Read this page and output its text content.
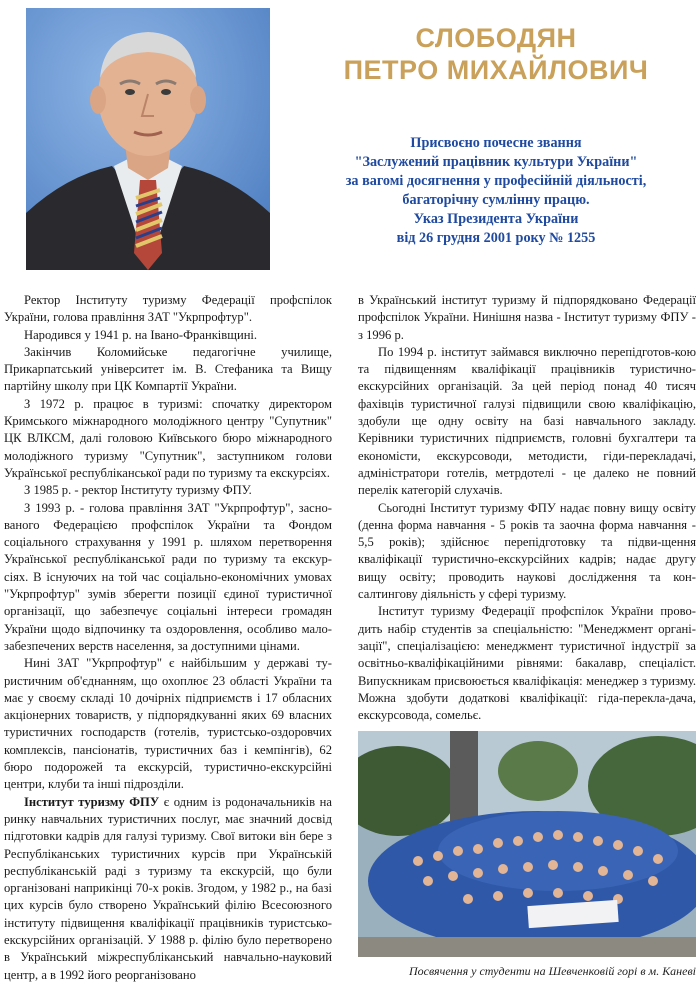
СЛОБОДЯН
ПЕТРО МИХАЙЛОВИЧ
Присвоєно почесне звання
"Заслужений працівник культури України"
за вагомі досягнення у професійній діяльності,
багаторічну сумлінну працю.
Указ Президента України
від 26 грудня 2001 року № 1255

Ректор Інституту туризму Федерації профспілок України, голова правління ЗАТ "Укрпрофтур".

Народився у 1941 р. на Івано-Франківщині.

Закінчив Коломийське педагогічне училище, Прикарпатський університет ім. В. Стефаника та Вищу партійну школу при ЦК Компартії України.

З 1972 р. працює в туризмі: спочатку директором Кримського міжнародного молодіжного центру "Супутник" ЦК ВЛКСМ, далі головою Київського бюро міжнародного молодіжного туризму "Супутник", заступником голови Української республіканської ради по туризму та екскурсіях.

З 1985 р. - ректор Інституту туризму ФПУ.

З 1993 р. - голова правління ЗАТ "Укрпрофтур", засно-ваного Федерацією профспілок України та Фондом соціального страхування у 1991 р. шляхом перетворення Української республіканської ради по туризму та екскур-сіях. В існуючих на той час соціально-економічних умовах "Укрпрофтур" зумів зберегти позиції єдиної туристичної організації, що забезпечує соціальні інтереси громадян України щодо відпочинку та оздоровлення, особливо мало-забезпечених верств населення, за доступними цінами.

Нині ЗАТ "Укрпрофтур" є найбільшим у державі ту-ристичним об'єднанням, що охоплює 23 області України та має у своєму складі 10 дочірніх підприємств і 17 обласних акціонерних товариств, у підпорядкуванні яких 69 власних туристичних господарств (готелів, туристсько-оздоровчих комплексів, пансіонатів, туристичних баз і кемпінгів), 62 бюро подорожей та екскурсій, туристично-екскурсійні центри, клуби та інші підрозділи.

Інститут туризму ФПУ є одним із родоначальників на ринку навчальних туристичних послуг, має значний досвід підготовки кадрів для галузі туризму. Свої витоки він бере з Республіканських туристичних курсів при Українській республіканській раді з туризму та екскурсій, що були організовані наприкінці 70-х років. Згодом, у 1982 р., на базі цих курсів було створено Український філію Всесоюзного інституту підвищення кваліфікації працівників туристсько-екскурсійних організацій. У 1988 р. філію було перетворено в Український міжреспубліканський навчально-науковий центр, а в 1992 його реорганізовано

в Український інститут туризму й підпорядковано Федерації профспілок України. Нинішня назва - Інститут туризму ФПУ - з 1996 р.

По 1994 р. інститут займався виключно перепідготов-кою та підвищенням кваліфікації працівників туристично-екскурсійних організацій. За цей період понад 40 тисяч фахівців туристичної галузі підвищили свою кваліфікацію, здобули ще одну освіту на базі навчального закладу. Керівники туристичних підприємств, головні бухгалтери та економісти, екскурсоводи, методисти, гіди-перекладачі, адміністратори готелів, метрдотелі - це далеко не повний перелік категорій слухачів.

Сьогодні Інститут туризму ФПУ надає повну вищу освіту (денна форма навчання - 5 років та заочна форма навчання - 5,5 років); здійснює перепідготовку та підви-щення кваліфікації туристично-екскурсійних кадрів; надає другу вищу освіту; проводить наукові дослідження та кон-салтингову діяльність у сфері туризму.

Інститут туризму Федерації профспілок України прово-дить набір студентів за спеціальністю: "Менеджмент органі-зації", спеціалізацією: менеджмент туристичної індустрії за освітньо-кваліфікаційними рівнями: бакалавр, спеціаліст. Випускникам присвоюється кваліфікація: менеджер з туризму. Можна здобути додаткові кваліфікації: гіда-перекла-дача, екскурсовода, сомельє.

Посвячення у студенти на Шевченковій горі в м. Каневі
